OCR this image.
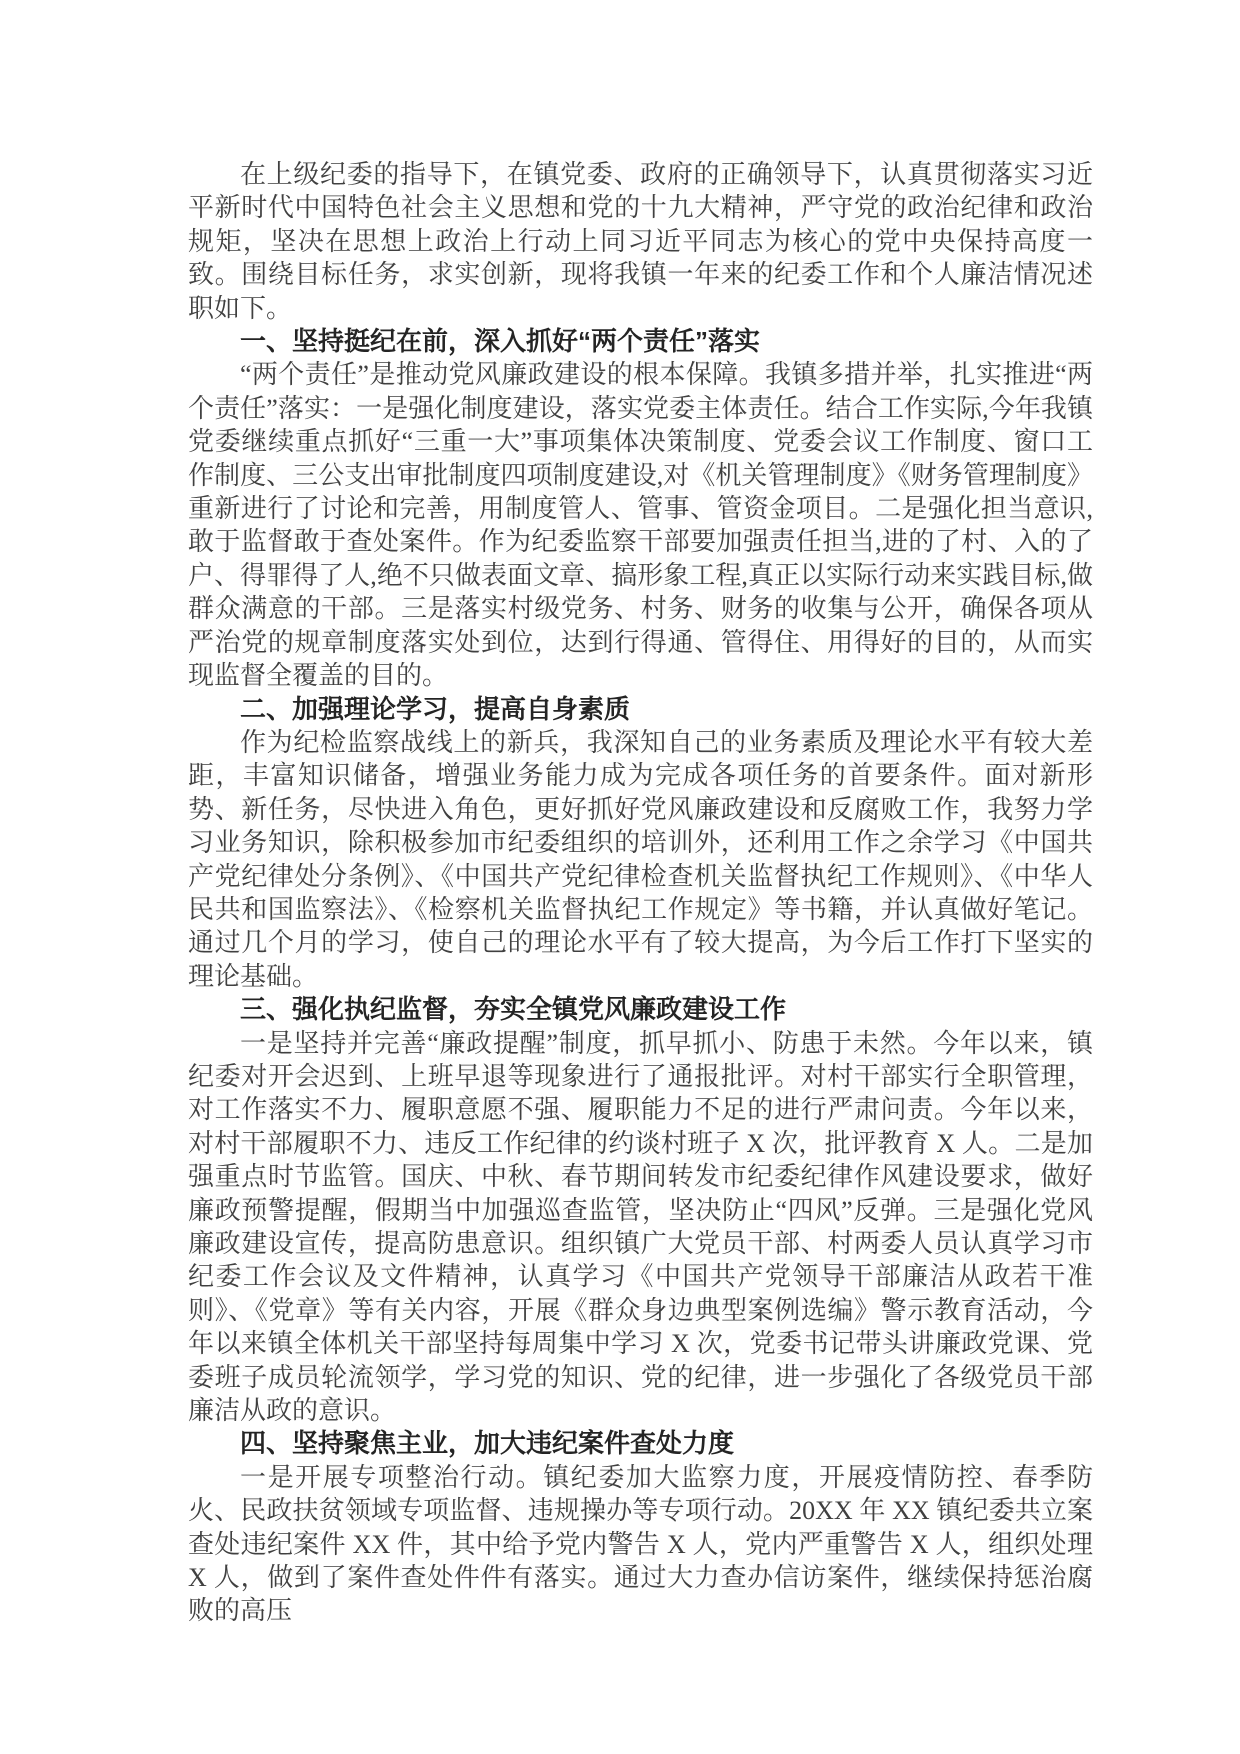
在上级纪委的指导下，在镇党委、政府的正确领导下，认真贯彻落实习近平新时代中国特色社会主义思想和党的十九大精神，严守党的政治纪律和政治规矩，坚决在思想上政治上行动上同习近平同志为核心的党中央保持高度一致。围绕目标任务，求实创新，现将我镇一年来的纪委工作和个人廉洁情况述职如下。

一、坚持挺纪在前，深入抓好“两个责任”落实

“两个责任”是推动党风廉政建设的根本保障。我镇多措并举，扎实推进“两个责任”落实：一是强化制度建设，落实党委主体责任。结合工作实际,今年我镇党委继续重点抓好“三重一大”事项集体决策制度、党委会议工作制度、窗口工作制度、三公支出审批制度四项制度建设,对《机关管理制度》《财务管理制度》重新进行了讨论和完善，用制度管人、管事、管资金项目。二是强化担当意识,敢于监督敢于查处案件。作为纪委监察干部要加强责任担当,进的了村、入的了户、得罪得了人,绝不只做表面文章、搞形象工程,真正以实际行动来实践目标,做群众满意的干部。三是落实村级党务、村务、财务的收集与公开，确保各项从严治党的规章制度落实处到位，达到行得通、管得住、用得好的目的，从而实现监督全覆盖的目的。

二、加强理论学习，提高自身素质

作为纪检监察战线上的新兵，我深知自己的业务素质及理论水平有较大差距，丰富知识储备，增强业务能力成为完成各项任务的首要条件。面对新形势、新任务，尽快进入角色，更好抓好党风廉政建设和反腐败工作，我努力学习业务知识，除积极参加市纪委组织的培训外，还利用工作之余学习《中国共产党纪律处分条例》、《中国共产党纪律检查机关监督执纪工作规则》、《中华人民共和国监察法》、《检察机关监督执纪工作规定》等书籍，并认真做好笔记。通过几个月的学习，使自己的理论水平有了较大提高，为今后工作打下坚实的理论基础。

三、强化执纪监督，夯实全镇党风廉政建设工作

一是坚持并完善“廉政提醒”制度，抓早抓小、防患于未然。今年以来，镇纪委对开会迟到、上班早退等现象进行了通报批评。对村干部实行全职管理，对工作落实不力、履职意愿不强、履职能力不足的进行严肃问责。今年以来，对村干部履职不力、违反工作纪律的约谈村班子 X 次，批评教育 X 人。二是加强重点时节监管。国庆、中秋、春节期间转发市纪委纪律作风建设要求，做好廉政预警提醒，假期当中加强巡查监管，坚决防止“四风”反弹。三是强化党风廉政建设宣传，提高防患意识。组织镇广大党员干部、村两委人员认真学习市纪委工作会议及文件精神，认真学习《中国共产党领导干部廉洁从政若干准则》、《党章》等有关内容，开展《群众身边典型案例选编》警示教育活动，今年以来镇全体机关干部坚持每周集中学习 X 次，党委书记带头讲廉政党课、党委班子成员轮流领学，学习党的知识、党的纪律，进一步强化了各级党员干部廉洁从政的意识。

四、坚持聚焦主业，加大违纪案件查处力度

一是开展专项整治行动。镇纪委加大监察力度，开展疫情防控、春季防火、民政扶贫领域专项监督、违规操办等专项行动。20XX 年 XX 镇纪委共立案查处违纪案件 XX 件，其中给予党内警告 X 人，党内严重警告 X 人，组织处理 X 人，做到了案件查处件件有落实。通过大力查办信访案件，继续保持惩治腐败的高压
